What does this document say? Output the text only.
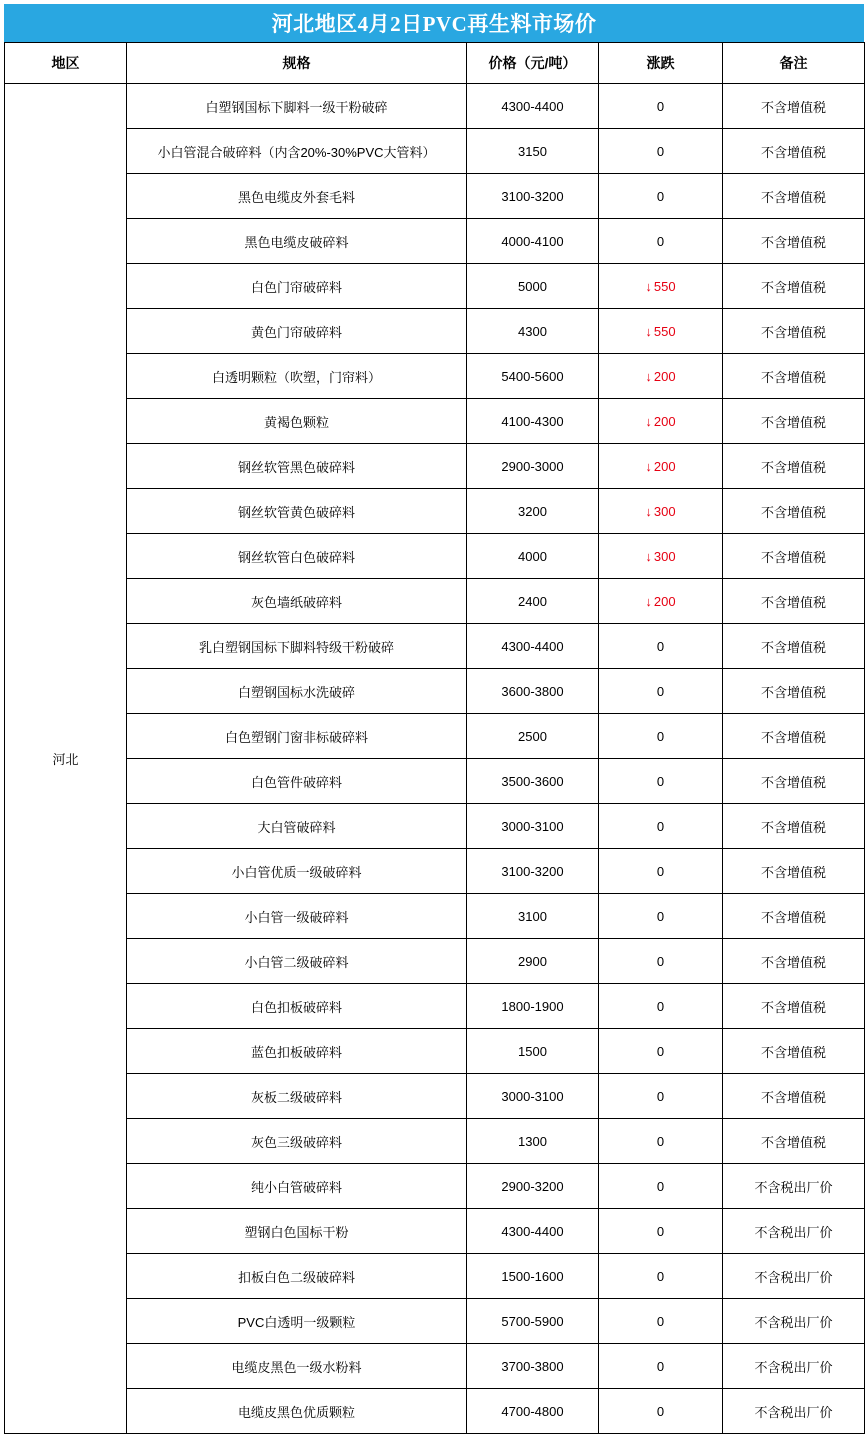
河北地区4月2日PVC再生料市场价
地区	规格	价格（元/吨）	涨跌	备注
河北	白塑钢国标下脚料一级干粉破碎	4300-4400	0	不含增值税
	小白管混合破碎料（内含20%-30%PVC大管料）	3150	0	不含增值税
	黑色电缆皮外套毛料	3100-3200	0	不含增值税
	黑色电缆皮破碎料	4000-4100	0	不含增值税
	白色门帘破碎料	5000	↓ 550	不含增值税
	黄色门帘破碎料	4300	↓ 550	不含增值税
	白透明颗粒（吹塑，门帘料）	5400-5600	↓ 200	不含增值税
	黄褐色颗粒	4100-4300	↓ 200	不含增值税
	钢丝软管黑色破碎料	2900-3000	↓ 200	不含增值税
	钢丝软管黄色破碎料	3200	↓ 300	不含增值税
	钢丝软管白色破碎料	4000	↓ 300	不含增值税
	灰色墙纸破碎料	2400	↓ 200	不含增值税
	乳白塑钢国标下脚料特级干粉破碎	4300-4400	0	不含增值税
	白塑钢国标水洗破碎	3600-3800	0	不含增值税
	白色塑钢门窗非标破碎料	2500	0	不含增值税
	白色管件破碎料	3500-3600	0	不含增值税
	大白管破碎料	3000-3100	0	不含增值税
	小白管优质一级破碎料	3100-3200	0	不含增值税
	小白管一级破碎料	3100	0	不含增值税
	小白管二级破碎料	2900	0	不含增值税
	白色扣板破碎料	1800-1900	0	不含增值税
	蓝色扣板破碎料	1500	0	不含增值税
	灰板二级破碎料	3000-3100	0	不含增值税
	灰色三级破碎料	1300	0	不含增值税
	纯小白管破碎料	2900-3200	0	不含税出厂价
	塑钢白色国标干粉	4300-4400	0	不含税出厂价
	扣板白色二级破碎料	1500-1600	0	不含税出厂价
	PVC白透明一级颗粒	5700-5900	0	不含税出厂价
	电缆皮黑色一级水粉料	3700-3800	0	不含税出厂价
	电缆皮黑色优质颗粒	4700-4800	0	不含税出厂价
